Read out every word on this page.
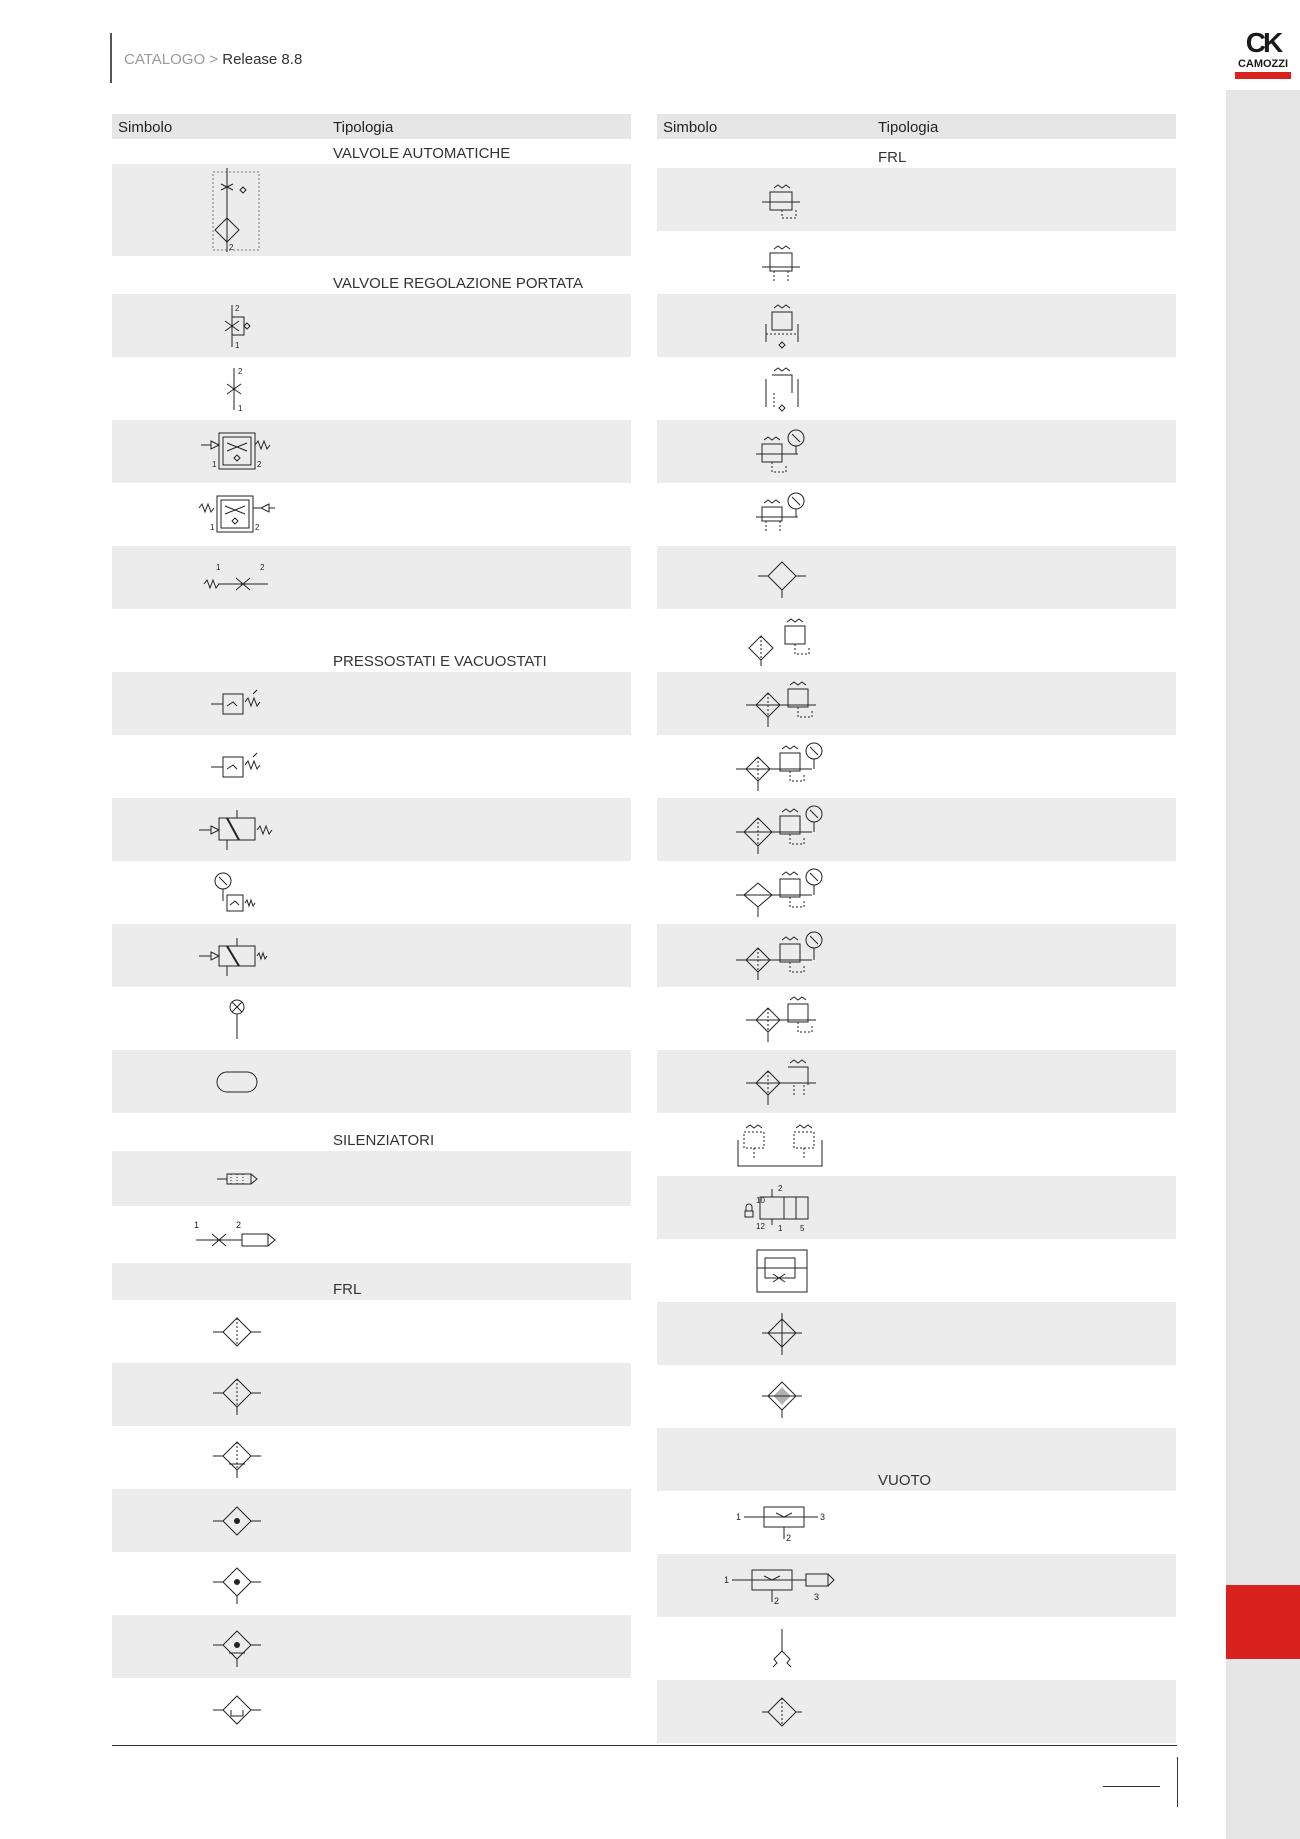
CATALOGO > Release 8.8
CK
CAMOZZI
Simbolo	Tipologia
VALVOLE AUTOMATICHE
2
VALVOLE REGOLAZIONE PORTATA
2
1
2
1
1	2
1	2
1	2
PRESSOSTATI E VACUOSTATI
SILENZIATORI
1	2
FRL
Simbolo	Tipologia
FRL
2
10
12 1 5
VUOTO
1	3
2
1
2	3
